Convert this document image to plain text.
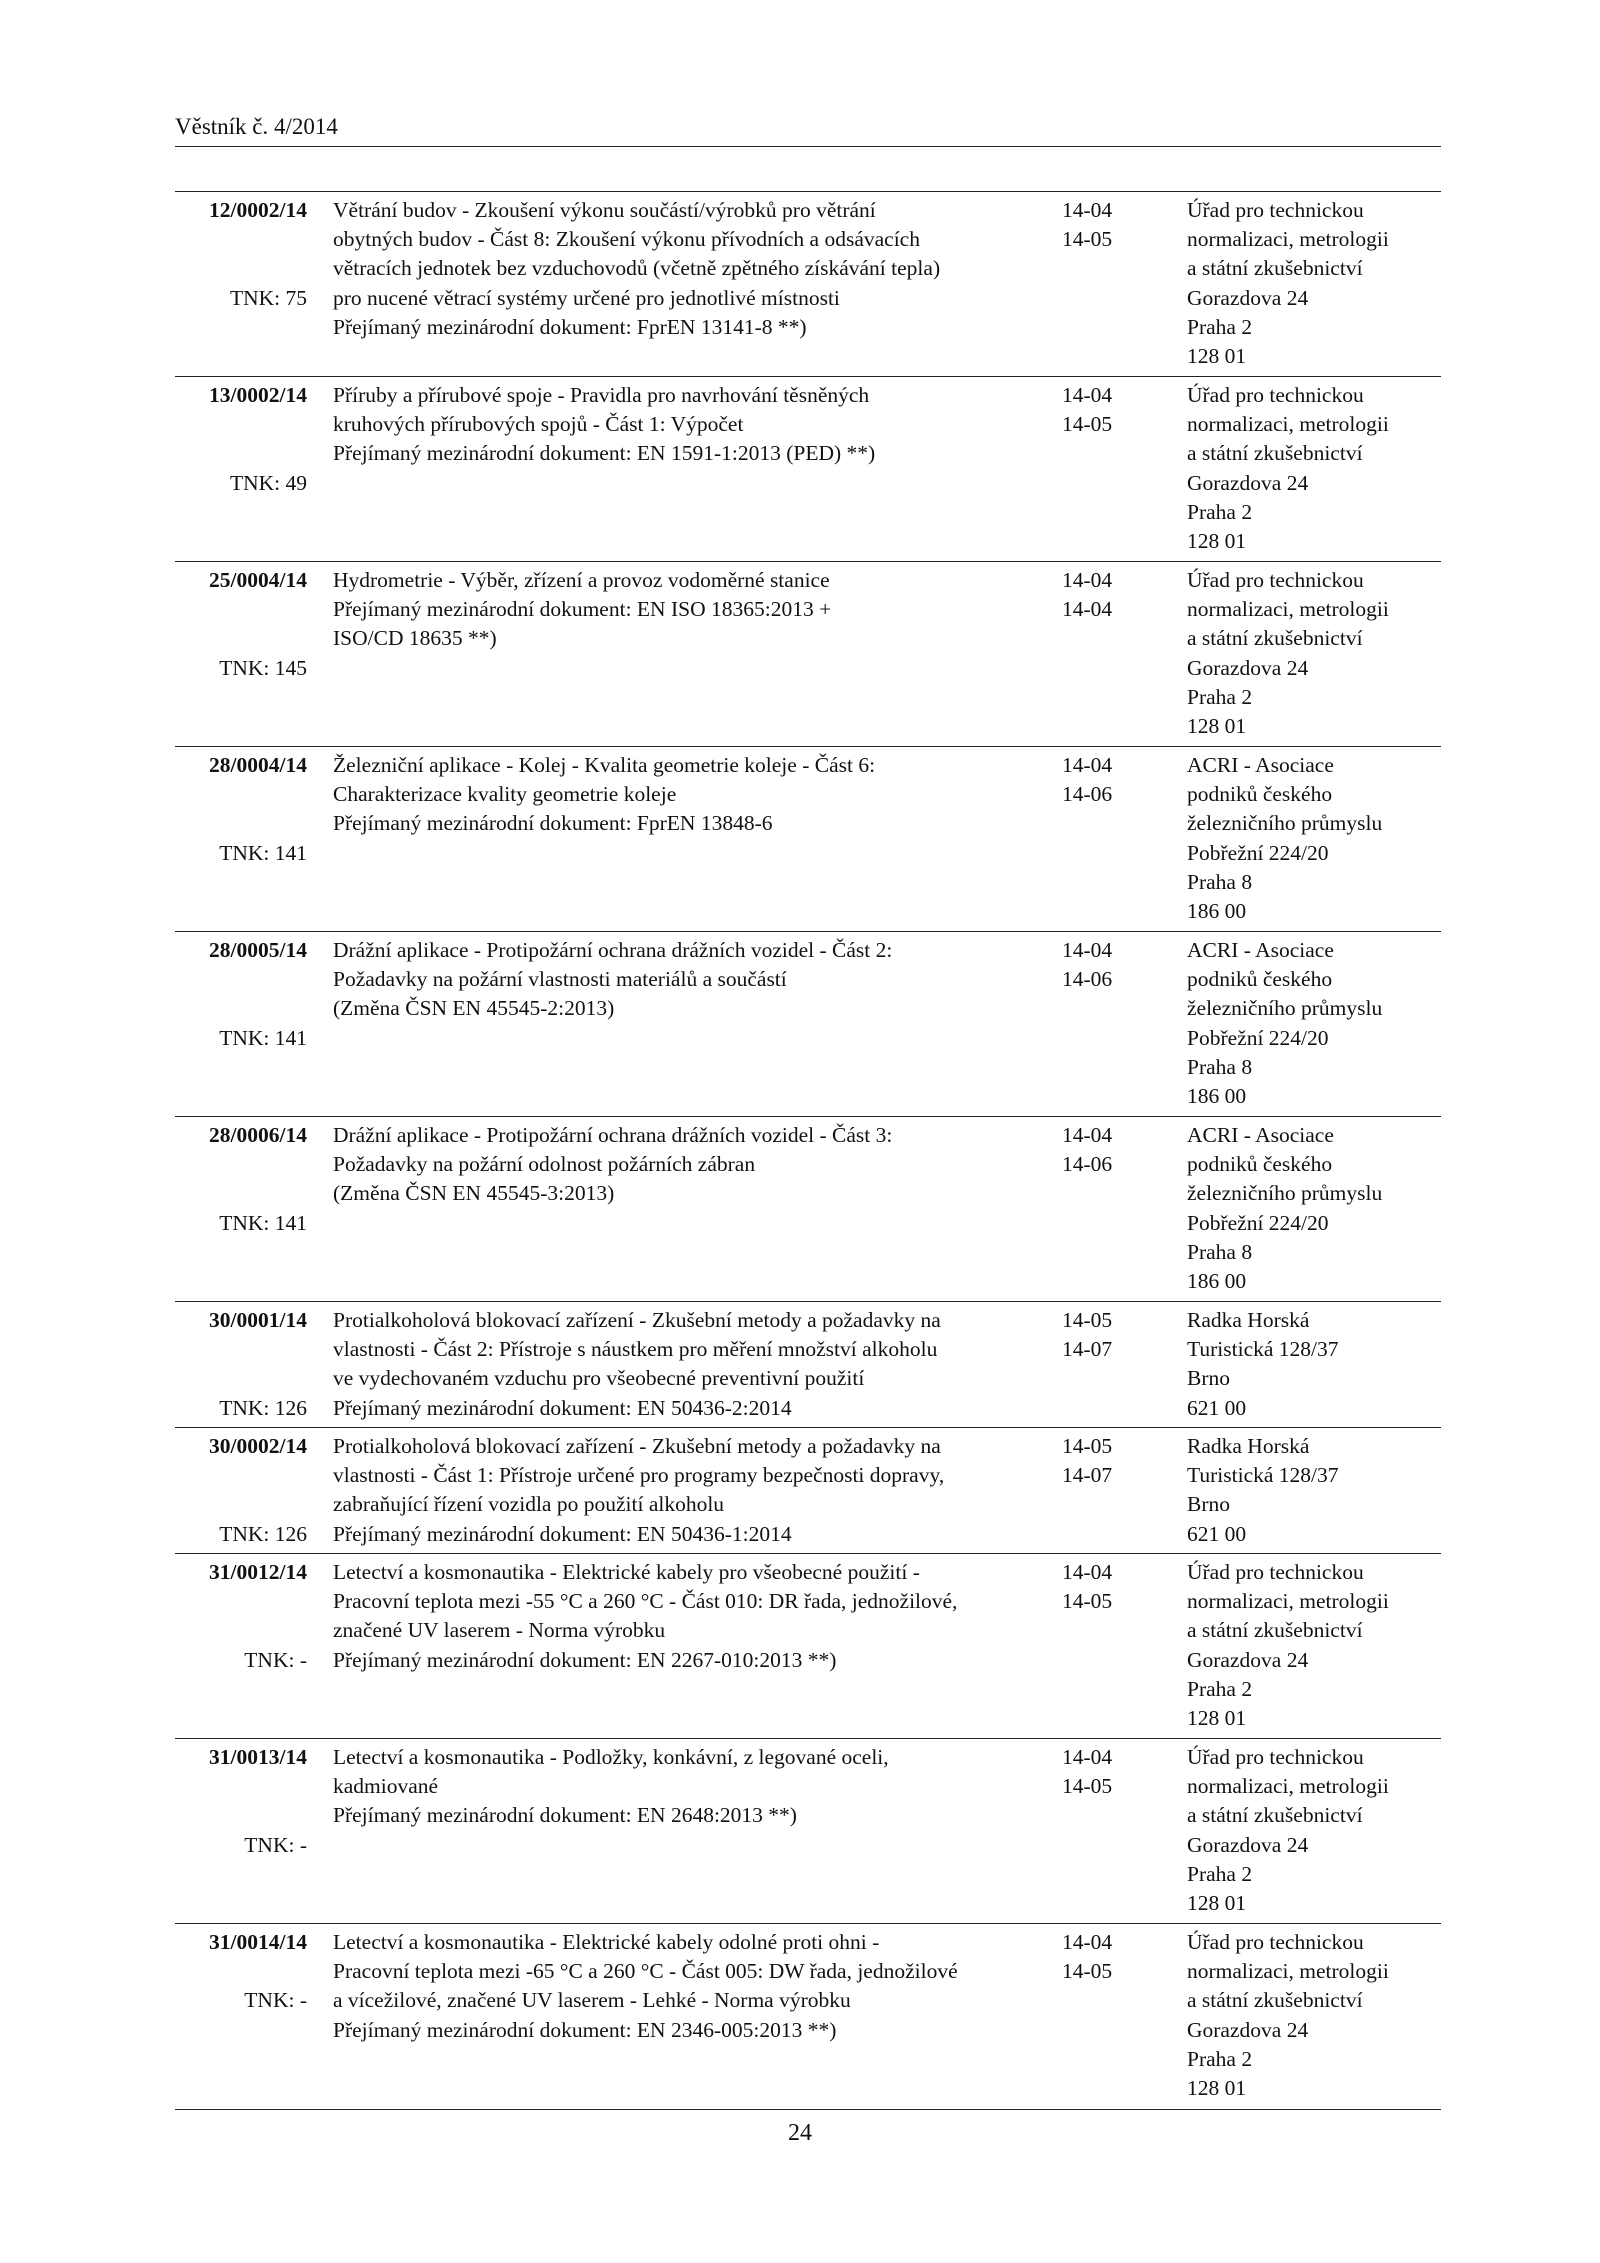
Věstník č. 4/2014
12/0002/14
TNK: 75
Větrání budov - Zkoušení výkonu součástí/výrobků pro větrání
obytných budov - Část 8: Zkoušení výkonu přívodních a odsávacích
větracích jednotek bez vzduchovodů (včetně zpětného získávání tepla)
pro nucené větrací systémy určené pro jednotlivé místnosti
Přejímaný mezinárodní dokument: FprEN 13141-8 **)
14-04
14-05
Úřad pro technickou
normalizaci, metrologii
a státní zkušebnictví
Gorazdova 24
Praha 2
128 01
13/0002/14
TNK: 49
Příruby a přírubové spoje - Pravidla pro navrhování těsněných
kruhových přírubových spojů - Část 1: Výpočet
Přejímaný mezinárodní dokument: EN 1591-1:2013 (PED) **)
14-04
14-05
Úřad pro technickou
normalizaci, metrologii
a státní zkušebnictví
Gorazdova 24
Praha 2
128 01
25/0004/14
TNK: 145
Hydrometrie - Výběr, zřízení a provoz vodoměrné stanice
Přejímaný mezinárodní dokument: EN ISO 18365:2013 +
ISO/CD 18635 **)
14-04
14-04
Úřad pro technickou
normalizaci, metrologii
a státní zkušebnictví
Gorazdova 24
Praha 2
128 01
28/0004/14
TNK: 141
Železniční aplikace - Kolej - Kvalita geometrie koleje - Část 6:
Charakterizace kvality geometrie koleje
Přejímaný mezinárodní dokument: FprEN 13848-6
14-04
14-06
ACRI - Asociace
podniků českého
železničního průmyslu
Pobřežní 224/20
Praha 8
186 00
28/0005/14
TNK: 141
Drážní aplikace - Protipožární ochrana drážních vozidel - Část 2:
Požadavky na požární vlastnosti materiálů a součástí
(Změna ČSN EN 45545-2:2013)
14-04
14-06
ACRI - Asociace
podniků českého
železničního průmyslu
Pobřežní 224/20
Praha 8
186 00
28/0006/14
TNK: 141
Drážní aplikace - Protipožární ochrana drážních vozidel - Část 3:
Požadavky na požární odolnost požárních zábran
(Změna ČSN EN 45545-3:2013)
14-04
14-06
ACRI - Asociace
podniků českého
železničního průmyslu
Pobřežní 224/20
Praha 8
186 00
30/0001/14
TNK: 126
Protialkoholová blokovací zařízení - Zkušební metody a požadavky na
vlastnosti - Část 2: Přístroje s náustkem pro měření množství alkoholu
ve vydechovaném vzduchu pro všeobecné preventivní použití
Přejímaný mezinárodní dokument: EN 50436-2:2014
14-05
14-07
Radka Horská
Turistická 128/37
Brno
621 00
30/0002/14
TNK: 126
Protialkoholová blokovací zařízení - Zkušební metody a požadavky na
vlastnosti - Část 1: Přístroje určené pro programy bezpečnosti dopravy,
zabraňující řízení vozidla po použití alkoholu
Přejímaný mezinárodní dokument: EN 50436-1:2014
14-05
14-07
Radka Horská
Turistická 128/37
Brno
621 00
31/0012/14
TNK: -
Letectví a kosmonautika - Elektrické kabely pro všeobecné použití -
Pracovní teplota mezi -55 °C a 260 °C - Část 010: DR řada, jednožilové,
značené UV laserem - Norma výrobku
Přejímaný mezinárodní dokument: EN 2267-010:2013 **)
14-04
14-05
Úřad pro technickou
normalizaci, metrologii
a státní zkušebnictví
Gorazdova 24
Praha 2
128 01
31/0013/14
TNK: -
Letectví a kosmonautika - Podložky, konkávní, z legované oceli,
kadmiované
Přejímaný mezinárodní dokument: EN 2648:2013 **)
14-04
14-05
Úřad pro technickou
normalizaci, metrologii
a státní zkušebnictví
Gorazdova 24
Praha 2
128 01
31/0014/14
TNK: -
Letectví a kosmonautika - Elektrické kabely odolné proti ohni -
Pracovní teplota mezi -65 °C a 260 °C - Část 005: DW řada, jednožilové
a vícežilové, značené UV laserem - Lehké - Norma výrobku
Přejímaný mezinárodní dokument: EN 2346-005:2013 **)
14-04
14-05
Úřad pro technickou
normalizaci, metrologii
a státní zkušebnictví
Gorazdova 24
Praha 2
128 01
24
